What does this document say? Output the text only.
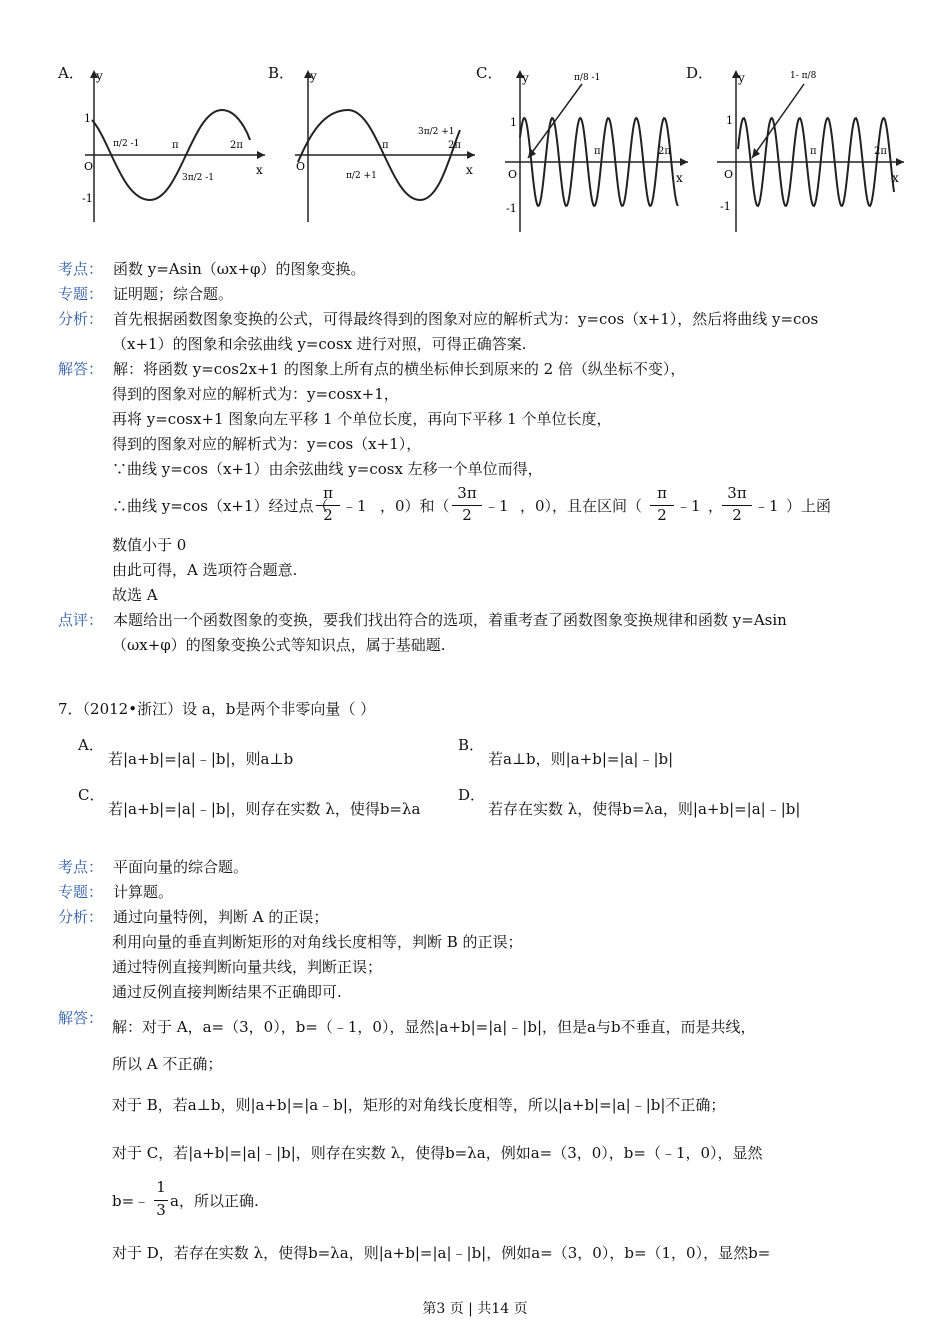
A．	B．	C．	D．
y
x
O
1
-1
π	2π
π/2 -1
3π/2 -1
y
x
O
π	2π
π/2 +1
3π/2 +1
y
x
O
1
-1
π	2π
π/8 -1	y
x
O
1
-1
π	2π
1- π/8
考点： 函数 y=Asin（ωx+φ）的图象变换。
专题： 证明题；综合题。
分析： 首先根据函数图象变换的公式，可得最终得到的图象对应的解析式为：y=cos（x+1），然后将曲线 y=cos
（x+1）的图象和余弦曲线 y=cosx 进行对照，可得正确答案.
解答： 解：将函数 y=cos2x+1 的图象上所有点的横坐标伸长到原来的 2 倍（纵坐标不变），
得到的图象对应的解析式为：y=cosx+1，
再将 y=cosx+1 图象向左平移 1 个单位长度，再向下平移 1 个单位长度，
得到的图象对应的解析式为：y=cos（x+1），
∵曲线 y=cos（x+1）由余弦曲线 y=cosx 左移一个单位而得，
∴曲线 y=cos（x+1）经过点（
π
2 ﹣1 ，0）和（
3π
2 ﹣1 ，0），且在区间（
π
2 ﹣1 ，
3π
2 ﹣1 ）上函
数值小于 0
由此可得，A 选项符合题意.
故选 A
点评： 本题给出一个函数图象的变换，要我们找出符合的选项，着重考查了函数图象变换规律和函数 y=Asin
（ωx+φ）的图象变换公式等知识点，属于基础题.
7．（2012•浙江）设 a，b是两个非零向量（ ）
A．
若|a+b|=|a|﹣|b|，则a⊥b
B．
若a⊥b，则|a+b|=|a|﹣|b|
C．
若|a+b|=|a|﹣|b|，则存在实数 λ，使得b=λa
D．
若存在实数 λ，使得b=λa，则|a+b|=|a|﹣|b|
考点： 平面向量的综合题。
专题： 计算题。
分析： 通过向量特例，判断 A 的正误；
利用向量的垂直判断矩形的对角线长度相等，判断 B 的正误；
通过特例直接判断向量共线，判断正误；
通过反例直接判断结果不正确即可.
解答： 解：对于 A，a=（3，0），b=（﹣1，0），显然|a+b|=|a|﹣|b|，但是a与b不垂直，而是共线，
所以 A 不正确；
对于 B，若a⊥b，则|a+b|=|a﹣b|，矩形的对角线长度相等，所以|a+b|=|a|﹣|b|不正确；
对于 C，若|a+b|=|a|﹣|b|，则存在实数 λ，使得b=λa，例如a=（3，0），b=（﹣1，0），显然
b=﹣
1
3 a，所以正确.
对于 D，若存在实数 λ，使得b=λa，则|a+b|=|a|﹣|b|，例如a=（3，0），b=（1，0），显然b=
第3 页 | 共14 页
